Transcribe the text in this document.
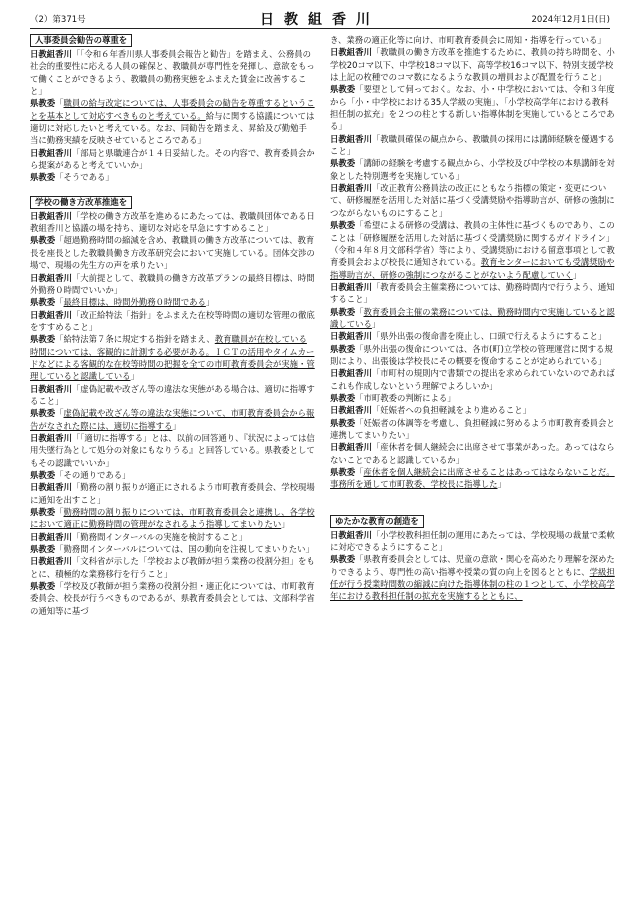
（2）第371号	日教組香川	2024年12月1日(日)
人事委員会勧告の尊重を

日教組香川「「令和６年香川県人事委員会報告と勧告」を踏まえ、公務員の社会的重要性に応える人員の確保と、教職員が専門性を発揮し、意欲をもって働くことができるよう、教職員の勤務実態をふまえた賃金に改善すること」

県教委「職員の給与改定については、人事委員会の勧告を尊重するということを基本として対応すべきものと考えている。給与に関する協議については適切に対応したいと考えている。なお、同勧告を踏まえ、昇給及び勤勉手当に勤務実績を反映させているところである」

日教組香川「部局と県職連合が１４日妥結した。その内容で、教育委員会から提案があると考えていいか」

県教委「そうである」

学校の働き方改革推進を

日教組香川「学校の働き方改革を進めるにあたっては、教職員団体である日教組香川と協議の場を持ち、適切な対応を早急にすすめること」

県教委「超過勤務時間の縮減を含め、教職員の働き方改革については、教育長を座長とした教職員働き方改革研究会において実施している。団体交渉の場で、現場の先生方の声を承りたい」

日教組香川「大前提として、教職員の働き方改革プランの最終目標は、時間外勤務０時間でいいか」

県教委「最終目標は、時間外勤務０時間である」

日教組香川「改正給特法「指針」をふまえた在校等時間の適切な管理の徹底をすすめること」

県教委「給特法第７条に規定する指針を踏まえ、教育職員が在校している時間については、客観的に計測する必要がある。ＩＣＴの活用やタイムカードなどによる客観的な在校等時間の把握を全ての市町教育委員会が実施・管理していると認識している」

日教組香川「虚偽記載や改ざん等の違法な実態がある場合は、適切に指導すること」

県教委「虚偽記載や改ざん等の違法な実態について、市町教育委員会から報告がなされた際には、適切に指導する」

日教組香川「「適切に指導する」とは、以前の回答通り、『状況によっては信用失墜行為として処分の対象にもなりうる』と回答している。県教委としてもその認識でいいか」

県教委「その通りである」

日教組香川「勤務の割り振りが適正にされるよう市町教育委員会、学校現場に通知を出すこと」

県教委「勤務時間の割り振りについては、市町教育委員会と連携し、各学校において適正に勤務時間の管理がなされるよう指導してまいりたい」

日教組香川「勤務間インターバルの実施を検討すること」

県教委「勤務間インターバルについては、国の動向を注視してまいりたい」

日教組香川「文科省が示した「学校および教師が担う業務の役割分担」をもとに、積極的な業務移行を行うこと」

県教委「学校及び教師が担う業務の役割分担・適正化については、市町教育委員会、校長が行うべきものであるが、県教育委員会としては、文部科学省の通知等に基づ

き、業務の適正化等に向け、市町教育委員会に周知・指導を行っている」

日教組香川「教職員の働き方改革を推進するために、教員の持ち時間を、小学校20コマ以下、中学校18コマ以下、高等学校16コマ以下、特別支援学校は上記の枚種でのコマ数になるような教員の増員および配置を行うこと」

県教委「要望として伺っておく。なお、小・中学校においては、令和３年度から「小・中学校における35人学級の実施」、「小学校高学年における教科担任制の拡充」を２つの柱とする新しい指導体制を実施しているところである」

日教組香川「教職員確保の観点から、教職員の採用には講師経験を優遇すること」

県教委「講師の経験を考慮する観点から、小学校及び中学校の本県講師を対象とした特別選考を実施している」

日教組香川「改正教育公務員法の改正にともなう指標の策定・変更について、研修履歴を活用した対話に基づく受講奨励や指導助言が、研修の強制につながらないものにすること」

県教委「希望による研修の受講は、教員の主体性に基づくものであり、このことは「研修履歴を活用した対話に基づく受講奨励に関するガイドライン」（令和４年８月文部科学省）等により、受講奨励における留意事項として教育委員会および校長に通知されている。教育センターにおいても受講奨励や指導助言が、研修の強制につながることがないよう配慮していく」

日教組香川「教育委員会主催業務については、勤務時間内で行うよう、通知すること」

県教委「教育委員会主催の業務については、勤務時間内で実施していると認識している」

日教組香川「県外出張の復命書を廃止し、口頭で行えるようにすること」

県教委「県外出張の復命については、各市(町)立学校の管理運営に関する規則により、出張後は学校長にその概要を復命することが定められている」

日教組香川「市町村の規則内で書類での提出を求められていないのであればこれも作成しないという理解でよろしいか」

県教委「市町教委の判断による」

日教組香川「妊娠者への負担軽減をより進めること」

県教委「妊娠者の体調等を考慮し、負担軽減に努めるよう市町教育委員会と連携してまいりたい」

日教組香川「産休者を個人継続会に出席させて事業があった。あってはならないことであると認識しているか」

県教委「産休者を個人継続会に出席させることはあってはならないことだ。事務所を通して市町教委、学校長に指導した」

ゆたかな教育の創造を

日教組香川「小学校教科担任制の運用にあたっては、学校現場の裁量で柔軟に対応できるようにすること」

県教委「県教育委員会としては、児童の意欲・関心を高めたり理解を深めたりできるよう、専門性の高い指導や授業の質の向上を図るとともに、学級担任が行う授業時間数の縮減に向けた指導体制の柱の１つとして、小学校高学年における教科担任制の拡充を実施するとともに、
